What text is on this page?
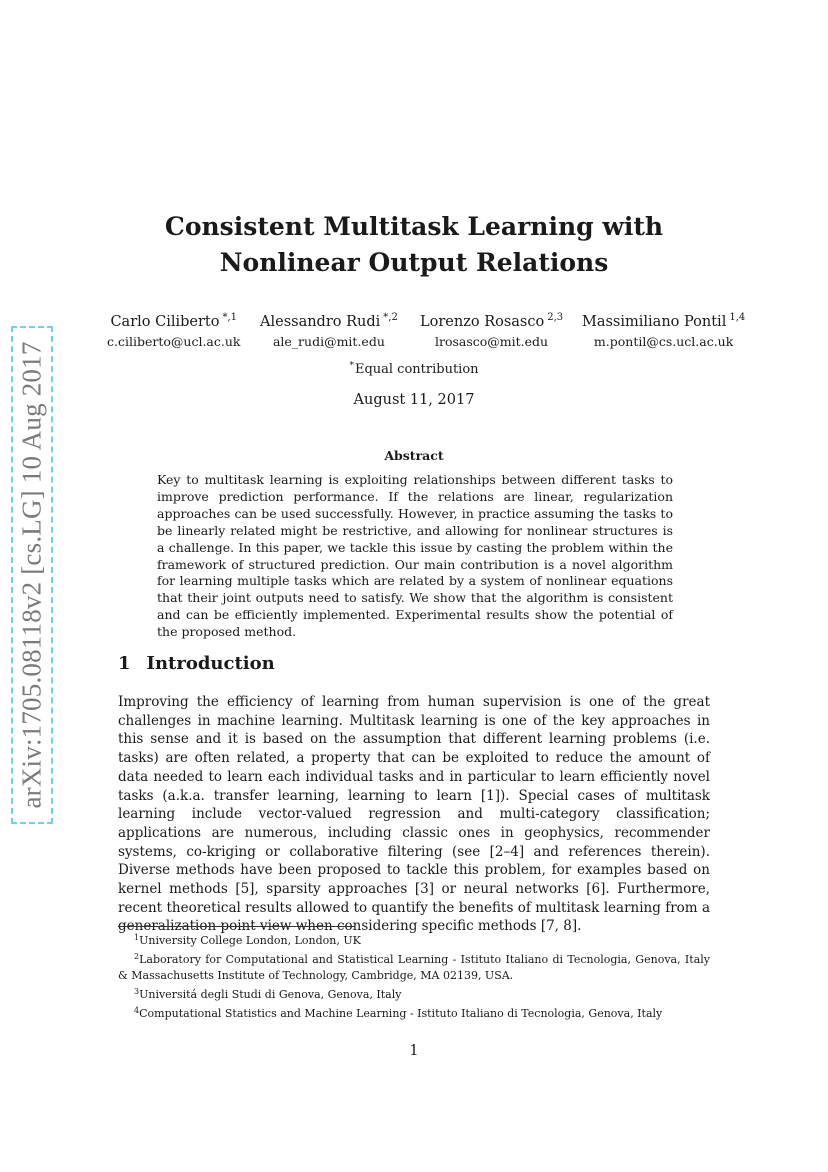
arXiv:1705.08118v2 [cs.LG] 10 Aug 2017
Consistent Multitask Learning with
Nonlinear Output Relations
Carlo Ciliberto $^{*,1}$
c.ciliberto@ucl.ac.uk
Alessandro Rudi $^{*,2}$
ale_rudi@mit.edu
Lorenzo Rosasco $^{2,3}$
lrosasco@mit.edu
Massimiliano Pontil $^{1,4}$
m.pontil@cs.ucl.ac.uk
*Equal contribution
August 11, 2017
Abstract

Key to multitask learning is exploiting relationships between different tasks to improve prediction performance. If the relations are linear, regularization approaches can be used successfully. However, in practice assuming the tasks to be linearly related might be restrictive, and allowing for nonlinear structures is a challenge. In this paper, we tackle this issue by casting the problem within the framework of structured prediction. Our main contribution is a novel algorithm for learning multiple tasks which are related by a system of nonlinear equations that their joint outputs need to satisfy. We show that the algorithm is consistent and can be efficiently implemented. Experimental results show the potential of the proposed method.

1 Introduction

Improving the efficiency of learning from human supervision is one of the great challenges in machine learning. Multitask learning is one of the key approaches in this sense and it is based on the assumption that different learning problems (i.e. tasks) are often related, a property that can be exploited to reduce the amount of data needed to learn each individual tasks and in particular to learn efficiently novel tasks (a.k.a. transfer learning, learning to learn [1]). Special cases of multitask learning include vector-valued regression and multi-category classification; applications are numerous, including classic ones in geophysics, recommender systems, co-kriging or collaborative filtering (see [2–4] and references therein). Diverse methods have been proposed to tackle this problem, for examples based on kernel methods [5], sparsity approaches [3] or neural networks [6]. Furthermore, recent theoretical results allowed to quantify the benefits of multitask learning from a generalization point view when considering specific methods [7, 8].

$^1$University College London, London, UK
$^2$Laboratory for Computational and Statistical Learning - Istituto Italiano di Tecnologia, Genova, Italy & Massachusetts Institute of Technology, Cambridge, MA 02139, USA.
$^3$Universitá degli Studi di Genova, Genova, Italy
$^4$Computational Statistics and Machine Learning - Istituto Italiano di Tecnologia, Genova, Italy
1
